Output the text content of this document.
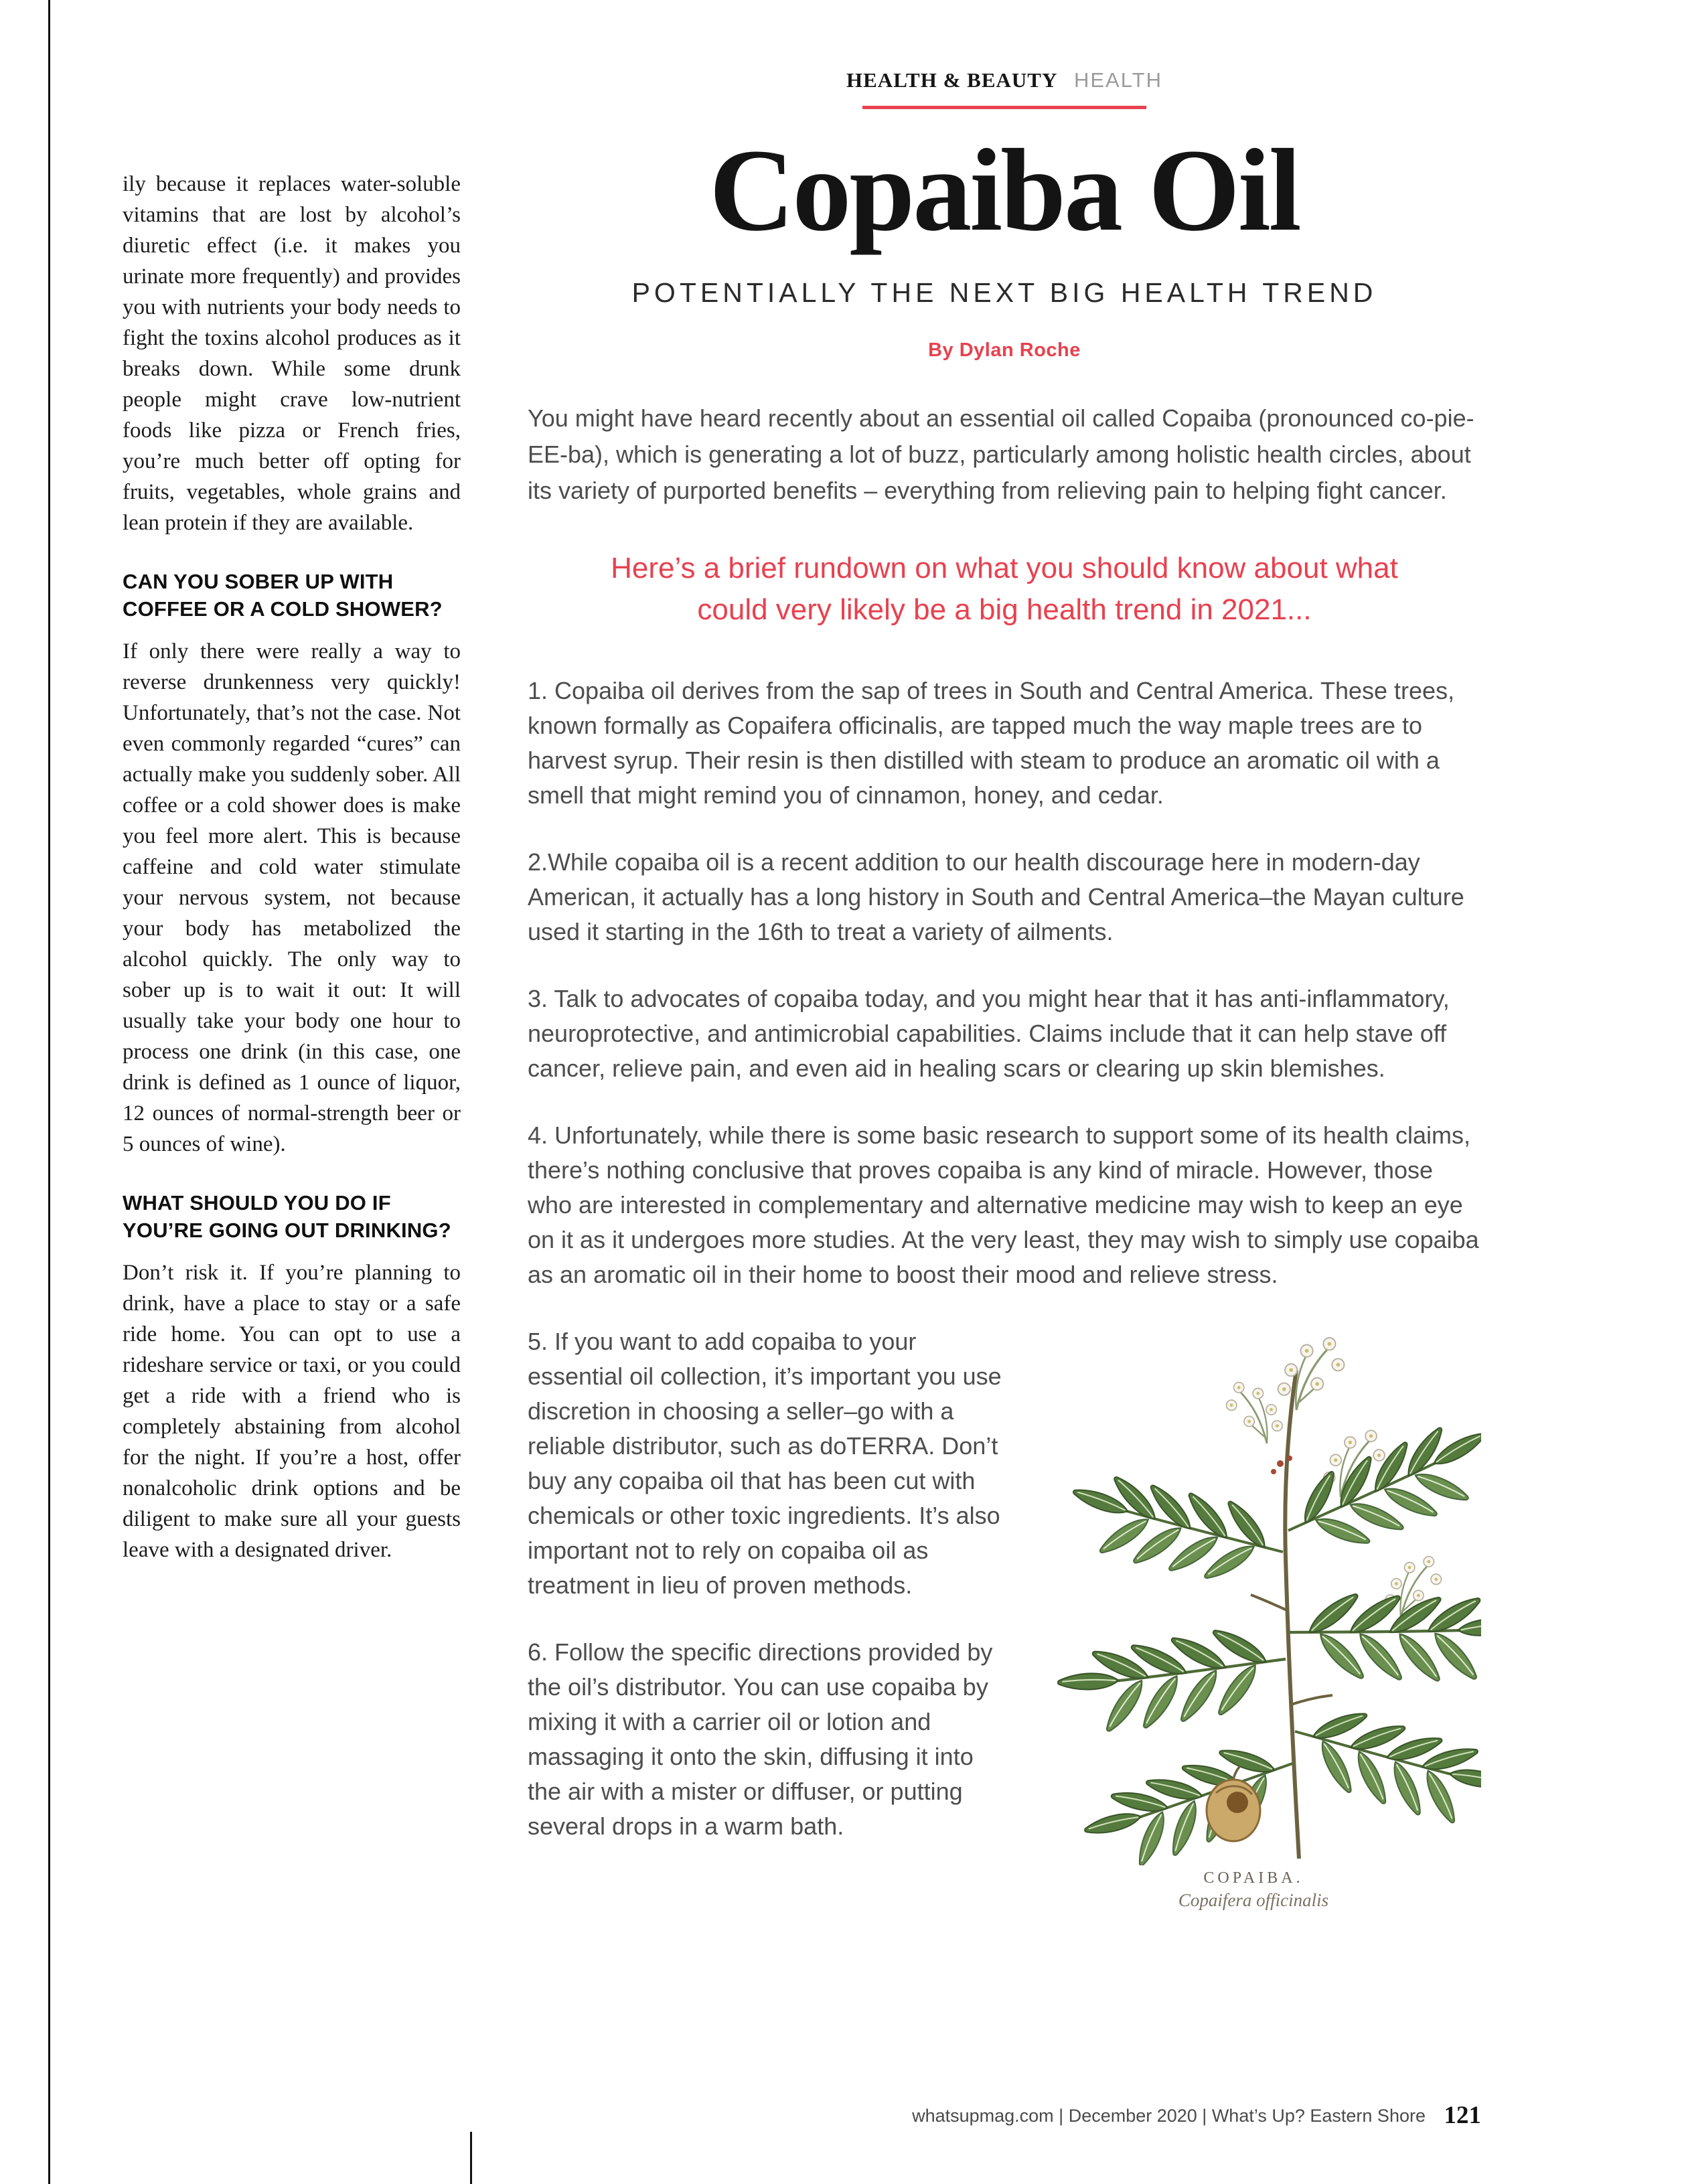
ily because it replaces water-soluble vitamins that are lost by alcohol’s diuretic effect (i.e. it makes you urinate more frequently) and provides you with nutrients your body needs to fight the toxins alcohol produces as it breaks down. While some drunk people might crave low-nutrient foods like pizza or French fries, you’re much better off opting for fruits, vegetables, whole grains and lean protein if they are available.

CAN YOU SOBER UP WITH COFFEE OR A COLD SHOWER?

If only there were really a way to reverse drunkenness very quickly! Unfortunately, that’s not the case. Not even commonly regarded “cures” can actually make you suddenly sober. All coffee or a cold shower does is make you feel more alert. This is because caffeine and cold water stimulate your nervous system, not because your body has metabolized the alcohol quickly. The only way to sober up is to wait it out: It will usually take your body one hour to process one drink (in this case, one drink is defined as 1 ounce of liquor, 12 ounces of normal-strength beer or 5 ounces of wine).

WHAT SHOULD YOU DO IF YOU’RE GOING OUT DRINKING?

Don’t risk it. If you’re planning to drink, have a place to stay or a safe ride home. You can opt to use a rideshare service or taxi, or you could get a ride with a friend who is completely abstaining from alcohol for the night. If you’re a host, offer nonalcoholic drink options and be diligent to make sure all your guests leave with a designated driver.

HEALTH & BEAUTY HEALTH
Copaiba Oil
POTENTIALLY THE NEXT BIG HEALTH TREND
By Dylan Roche

You might have heard recently about an essential oil called Copaiba (pronounced co-pie-EE-ba), which is generating a lot of buzz, particularly among holistic health circles, about its variety of purported benefits – everything from relieving pain to helping fight cancer.

Here’s a brief rundown on what you should know about what could very likely be a big health trend in 2021...

1. Copaiba oil derives from the sap of trees in South and Central America. These trees, known formally as Copaifera officinalis, are tapped much the way maple trees are to harvest syrup. Their resin is then distilled with steam to produce an aromatic oil with a smell that might remind you of cinnamon, honey, and cedar.

2.While copaiba oil is a recent addition to our health discourage here in modern-day American, it actually has a long history in South and Central America–the Mayan culture used it starting in the 16th to treat a variety of ailments.

3. Talk to advocates of copaiba today, and you might hear that it has anti-inflammatory, neuroprotective, and antimicrobial capabilities. Claims include that it can help stave off cancer, relieve pain, and even aid in healing scars or clearing up skin blemishes.

4. Unfortunately, while there is some basic research to support some of its health claims, there’s nothing conclusive that proves copaiba is any kind of miracle. However, those who are interested in complementary and alternative medicine may wish to keep an eye on it as it undergoes more studies. At the very least, they may wish to simply use copaiba as an aromatic oil in their home to boost their mood and relieve stress.

COPAIBA.
Copaifera officinalis

5. If you want to add copaiba to your essential oil collection, it’s important you use discretion in choosing a seller–go with a reliable distributor, such as doTERRA. Don’t buy any copaiba oil that has been cut with chemicals or other toxic ingredients. It’s also important not to rely on copaiba oil as treatment in lieu of proven methods.

6. Follow the specific directions provided by the oil’s distributor. You can use copaiba by mixing it with a carrier oil or lotion and massaging it onto the skin, diffusing it into the air with a mister or diffuser, or putting several drops in a warm bath.

whatsupmag.com | December 2020 | What’s Up? Eastern Shore 121
